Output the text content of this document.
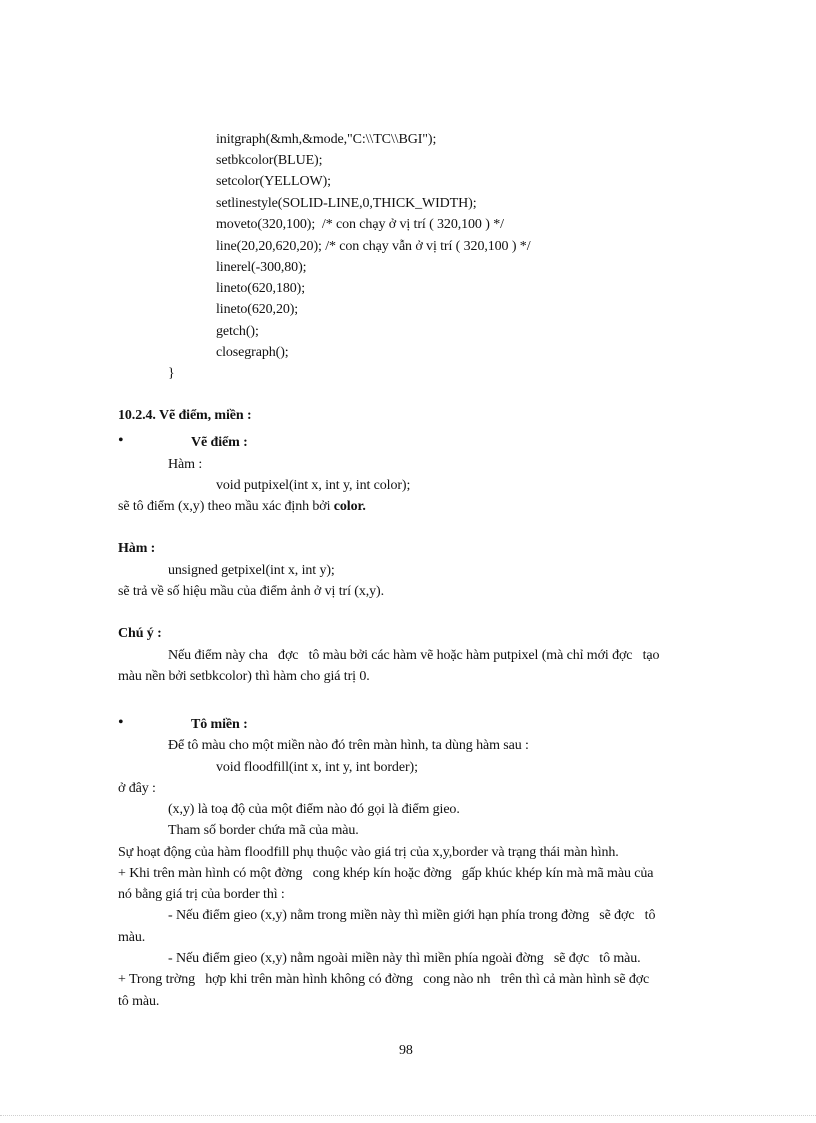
initgraph(&mh,&mode,"C:\\TC\\BGI");
setbkcolor(BLUE);
setcolor(YELLOW);
setlinestyle(SOLID-LINE,0,THICK_WIDTH);
moveto(320,100);  /* con chạy ở vị trí ( 320,100 ) */
line(20,20,620,20); /* con chạy vẫn ở vị trí ( 320,100 ) */
linerel(-300,80);
lineto(620,180);
lineto(620,20);
getch();
closegraph();
}
10.2.4. Vẽ điểm, miền :
•	Vẽ điểm :
Hàm :
void putpixel(int x, int y, int color);
sẽ tô điểm (x,y) theo mầu xác định bởi color.
Hàm :
unsigned getpixel(int x, int y);
sẽ trả về số hiệu mầu của điểm ảnh ở vị trí (x,y).
Chú ý :
Nếu điểm này cha   đợc   tô màu bởi các hàm vẽ hoặc hàm putpixel (mà chỉ mới đợc   tạo
màu nền bởi setbkcolor) thì hàm cho giá trị 0.
•	Tô miền :
Để tô màu cho một miền nào đó trên màn hình, ta dùng hàm sau :
void floodfill(int x, int y, int border);
ở đây :
(x,y) là toạ độ của một điểm nào đó gọi là điểm gieo.
Tham số border chứa mã của màu.
Sự hoạt động của hàm floodfill phụ thuộc vào giá trị của x,y,border và trạng thái màn hình.
+ Khi trên màn hình có một đờng   cong khép kín hoặc đờng   gấp khúc khép kín mà mã màu của
nó bằng giá trị của border thì :
- Nếu điểm gieo (x,y) nằm trong miền này thì miền giới hạn phía trong đờng   sẽ đợc   tô
màu.
- Nếu điểm gieo (x,y) nằm ngoài miền này thì miền phía ngoài đờng   sẽ đợc   tô màu.
+ Trong trờng   hợp khi trên màn hình không có đờng   cong nào nh   trên thì cả màn hình sẽ đợc
tô màu.
98
